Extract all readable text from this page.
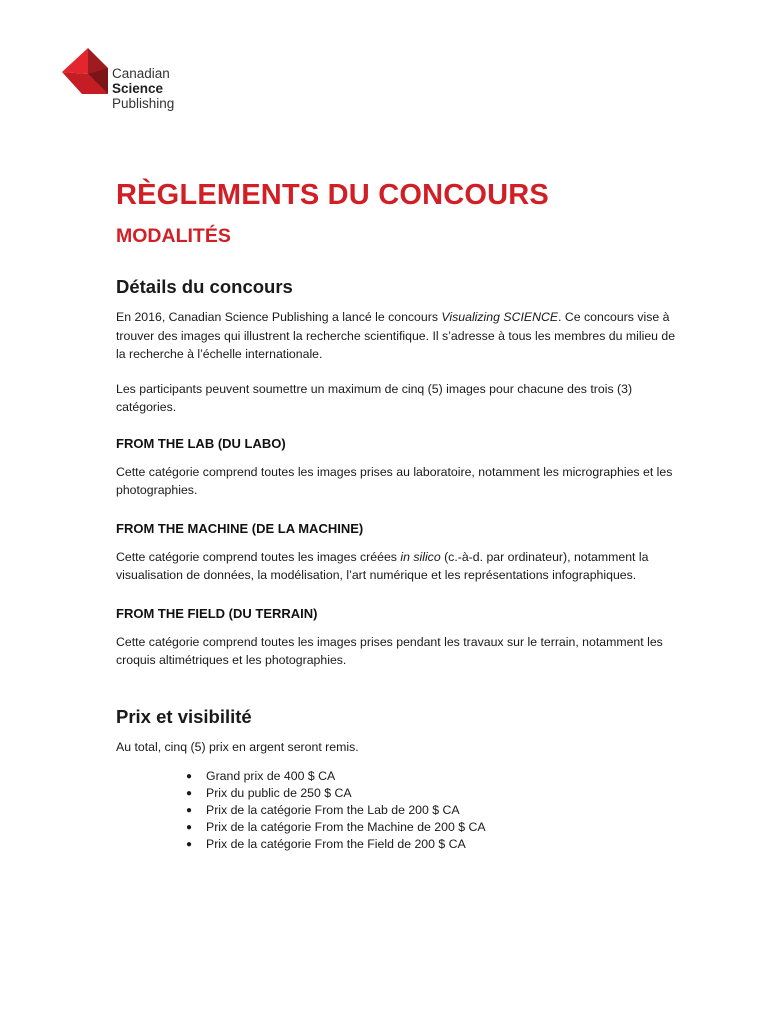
Canadian
Science
Publishing
RÈGLEMENTS DU CONCOURS
MODALITÉS
Détails du concours

En 2016, Canadian Science Publishing a lancé le concours Visualizing SCIENCE. Ce concours vise à trouver des images qui illustrent la recherche scientifique. Il s’adresse à tous les membres du milieu de la recherche à l’échelle internationale.

Les participants peuvent soumettre un maximum de cinq (5) images pour chacune des trois (3) catégories.

FROM THE LAB (DU LABO)

Cette catégorie comprend toutes les images prises au laboratoire, notamment les micrographies et les photographies.

FROM THE MACHINE (DE LA MACHINE)

Cette catégorie comprend toutes les images créées in silico (c.-à-d. par ordinateur), notamment la visualisation de données, la modélisation, l’art numérique et les représentations infographiques.

FROM THE FIELD (DU TERRAIN)

Cette catégorie comprend toutes les images prises pendant les travaux sur le terrain, notamment les croquis altimétriques et les photographies.

Prix et visibilité

Au total, cinq (5) prix en argent seront remis.

● Grand prix de 400 $ CA
● Prix du public de 250 $ CA
● Prix de la catégorie From the Lab de 200 $ CA
● Prix de la catégorie From the Machine de 200 $ CA
● Prix de la catégorie From the Field de 200 $ CA
